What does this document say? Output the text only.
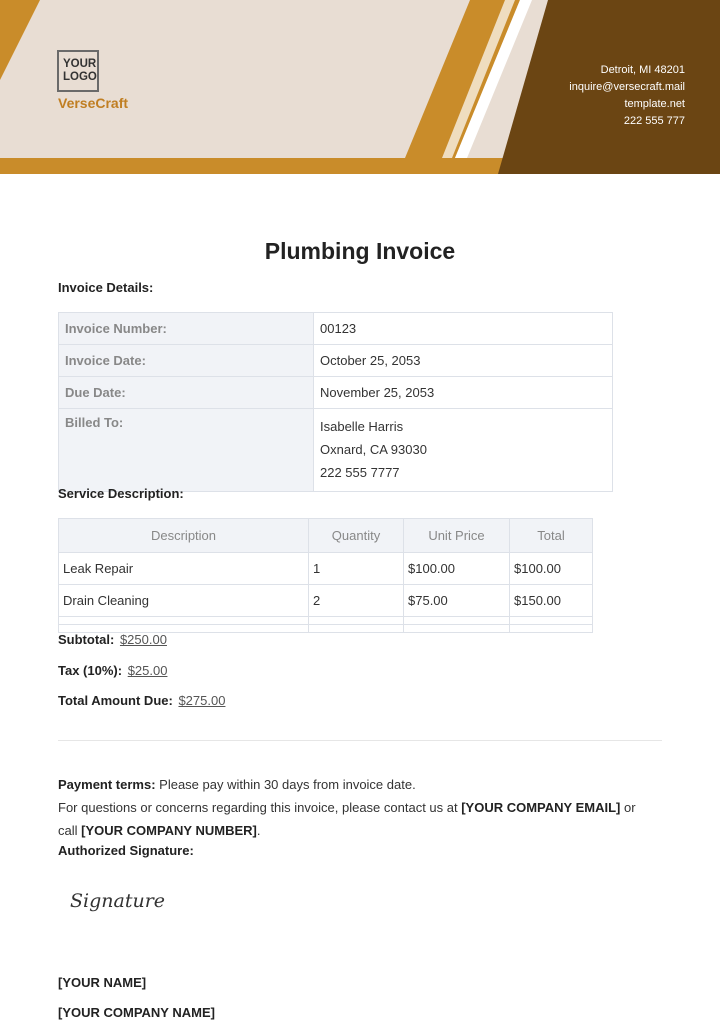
YOUR
LOGO
VerseCraft
Detroit, MI 48201
inquire@versecraft.mail
template.net
222 555 777
Plumbing Invoice
Invoice Details:
Invoice Number:	00123
Invoice Date:	October 25, 2053
Due Date:	November 25, 2053
Billed To:	Isabelle Harris
Oxnard, CA 93030
222 555 7777
Service Description:
Description	Quantity	Unit Price	Total
Leak Repair	1	$100.00	$100.00
Drain Cleaning	2	$75.00	$150.00

Subtotal: $250.00
Tax (10%): $25.00
Total Amount Due: $275.00
Payment terms: Please pay within 30 days from invoice date.
For questions or concerns regarding this invoice, please contact us at [YOUR COMPANY EMAIL] or call [YOUR COMPANY NUMBER].
Authorized Signature:
Signature
[YOUR NAME]
[YOUR COMPANY NAME]
